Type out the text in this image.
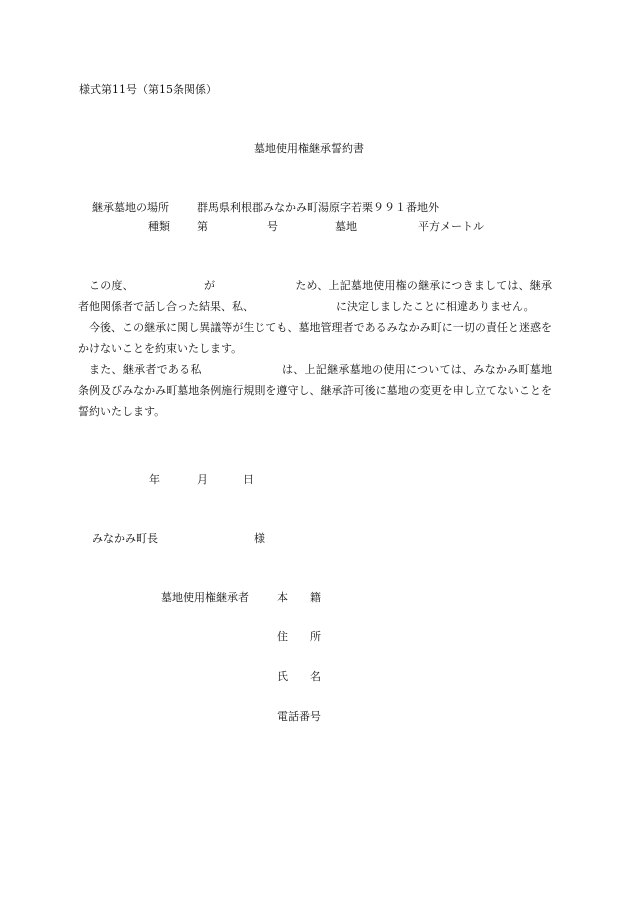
様式第11号（第15条関係）
墓地使用権継承誓約書
継承墓地の場所	群馬県利根郡みなかみ町湯原字若栗９９１番地外
種類 第	号	墓地	平方メートル

この度、	が	ため、上記墓地使用権の継承につきましては、継承者他関係者で話し合った結果、私、	に決定しましたことに相違ありません。

今後、この継承に関し異議等が生じても、墓地管理者であるみなかみ町に一切の責任と迷惑をかけないことを約束いたします。

また、継承者である私	は、上記継承墓地の使用については、みなかみ町墓地条例及びみなかみ町墓地条例施行規則を遵守し、継承許可後に墓地の変更を申し立てないことを誓約いたします。

年	月	日
みなかみ町長	様
墓地使用権継承者	本　　籍
住　　所
氏　　名
電話番号
